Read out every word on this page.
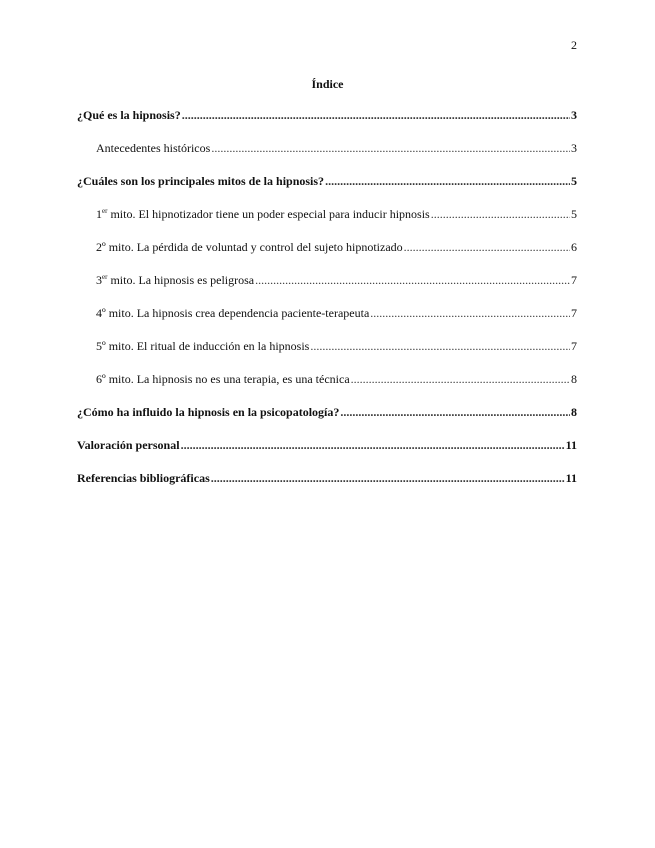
2
Índice
¿Qué es la hipnosis? .....	3
Antecedentes históricos .....	3
¿Cuáles son los principales mitos de la hipnosis? .....	5
1er mito. El hipnotizador tiene un poder especial para inducir hipnosis .....	5
2º mito. La pérdida de voluntad y control del sujeto hipnotizado .....	6
3er mito. La hipnosis es peligrosa .....	7
4º mito. La hipnosis crea dependencia paciente-terapeuta .....	7
5º mito. El ritual de inducción en la hipnosis .....	7
6º mito. La hipnosis no es una terapia, es una técnica .....	8
¿Cómo ha influido la hipnosis en la psicopatología? .....	8
Valoración personal .....	11
Referencias bibliográficas .....	11
